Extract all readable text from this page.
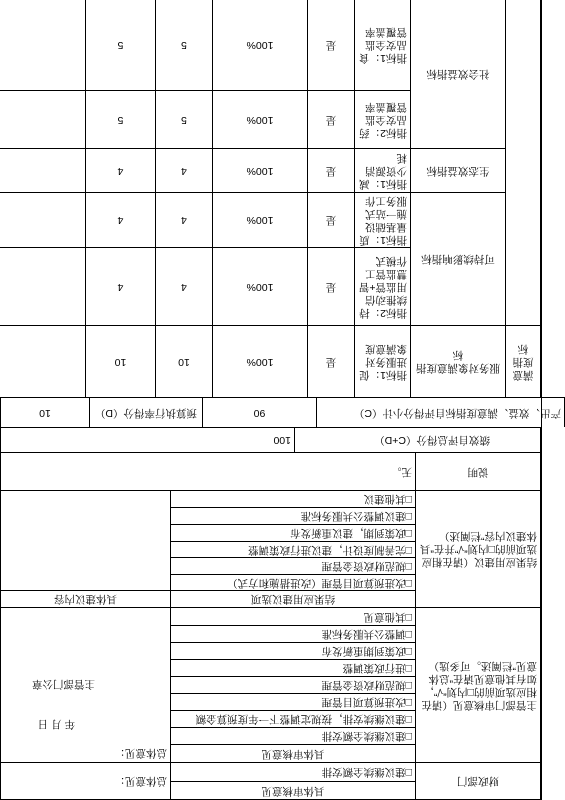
财政部门
具体审核意见
总体意见：
□建议继续全额安排
主管部门审核意见（请在相应选项前的□内划“√”，如有其他意见请在“总体意见”栏阐述。可多选）
具体审核意见
总体意见：
□建议继续全额安排
□建议继续安排，按规定调整下一年度预算金额
□改进预算项目管理
□规范财政资金管理
□进行政策调整
□政策到期重新发布
□调整公共服务标准
□其他意见
主管部门公章
年 月 日
结果应用建议（请在相应选项前的□内划“√”并在“具体建议内容”栏阐述）
结果应用建议选项
具体建议内容
□改进预算项目管理（改进措施和方式）
□规范财政资金管理
□完善制度设计，建议进行政策调整
□政策到期，建议重新发布
□建议调整公共服务标准
□其他建议
说明
无。
绩效自评总得分（C+D）
100
产出、效益、满意度指标自评得分小计（C）
90
预算执行率得分（D）
10
满意度指标
服务对象满意度指标
可持续影响指标
生态效益指标
社会效益指标
指标1：促进服务对象满意度
是
100%
10
10
指标2：持续推动信用监管+智慧监管工作模式
是
100%
4
4
指标1：质量基础设施一站式服务工作
是
100%
4
4
指标1：减少资源消耗
是
100%
4
4
指标2：药品安全监管覆盖率
是
100%
5
5
指标1：食品安全监管覆盖率
是
100%
5
5
